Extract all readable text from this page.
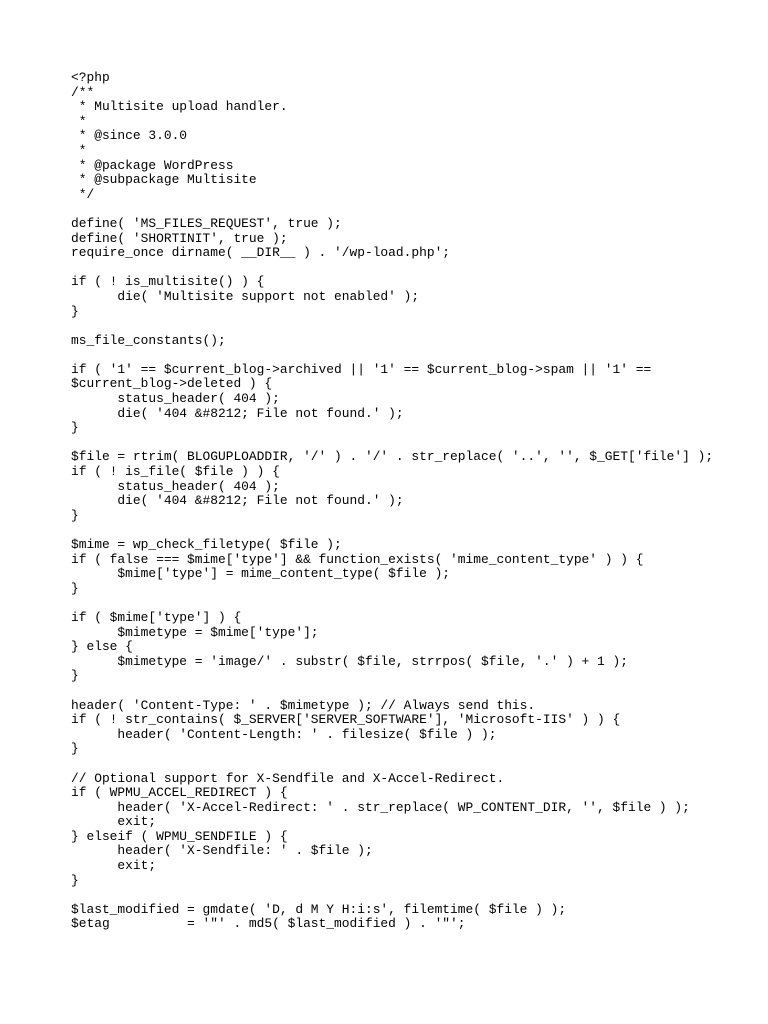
<?php
/**
* Multisite upload handler.
*
* @since 3.0.0
*
* @package WordPress
* @subpackage Multisite
*/
define( 'MS_FILES_REQUEST', true );
define( 'SHORTINIT', true );
require_once dirname( __DIR__ ) . '/wp-load.php';
if ( ! is_multisite() ) {
die( 'Multisite support not enabled' );
}
ms_file_constants();
if ( '1' == $current_blog->archived || '1' == $current_blog->spam || '1' ==
$current_blog->deleted ) {
status_header( 404 );
die( '404 &#8212; File not found.' );
}
$file = rtrim( BLOGUPLOADDIR, '/' ) . '/' . str_replace( '..', '', $_GET['file'] );
if ( ! is_file( $file ) ) {
status_header( 404 );
die( '404 &#8212; File not found.' );
}
$mime = wp_check_filetype( $file );
if ( false === $mime['type'] && function_exists( 'mime_content_type' ) ) {
$mime['type'] = mime_content_type( $file );
}
if ( $mime['type'] ) {
$mimetype = $mime['type'];
} else {
$mimetype = 'image/' . substr( $file, strrpos( $file, '.' ) + 1 );
}
header( 'Content-Type: ' . $mimetype ); // Always send this.
if ( ! str_contains( $_SERVER['SERVER_SOFTWARE'], 'Microsoft-IIS' ) ) {
header( 'Content-Length: ' . filesize( $file ) );
}
// Optional support for X-Sendfile and X-Accel-Redirect.
if ( WPMU_ACCEL_REDIRECT ) {
header( 'X-Accel-Redirect: ' . str_replace( WP_CONTENT_DIR, '', $file ) );
exit;
} elseif ( WPMU_SENDFILE ) {
header( 'X-Sendfile: ' . $file );
exit;
}
$last_modified = gmdate( 'D, d M Y H:i:s', filemtime( $file ) );
$etag          = '"' . md5( $last_modified ) . '"';
